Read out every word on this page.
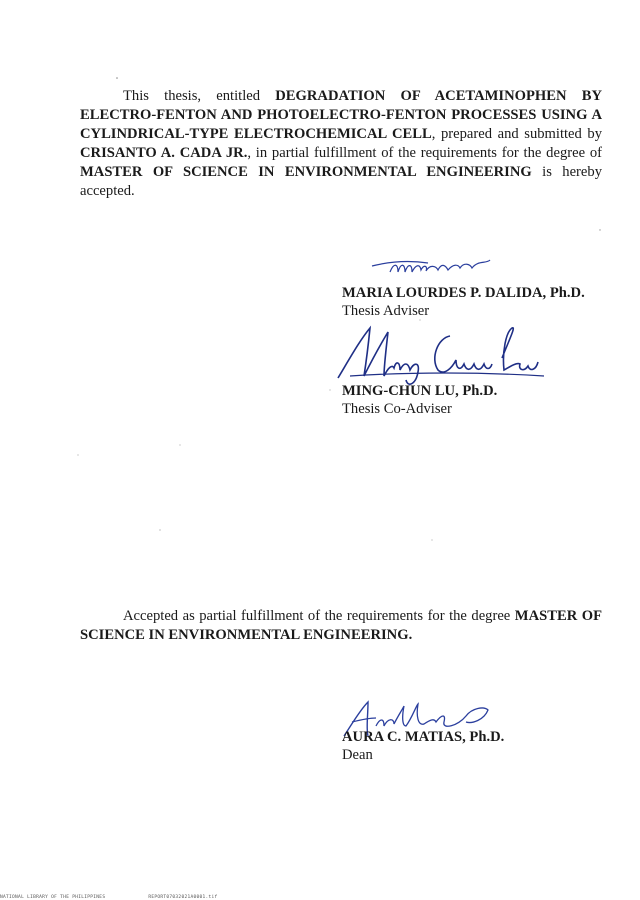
This thesis, entitled DEGRADATION OF ACETAMINOPHEN BY ELECTRO-FENTON AND PHOTOELECTRO-FENTON PROCESSES USING A CYLINDRICAL-TYPE ELECTROCHEMICAL CELL, prepared and submitted by CRISANTO A. CADA JR., in partial fulfillment of the requirements for the degree of MASTER OF SCIENCE IN ENVIRONMENTAL ENGINEERING is hereby accepted.
MARIA LOURDES P. DALIDA, Ph.D.
Thesis Adviser
MING-CHUN LU, Ph.D.
Thesis Co-Adviser
Accepted as partial fulfillment of the requirements for the degree MASTER OF SCIENCE IN ENVIRONMENTAL ENGINEERING.
AURA C. MATIAS, Ph.D.
Dean
NATIONAL LIBRARY OF THE PHILIPPINES	REPORT07032021A0001.tif
